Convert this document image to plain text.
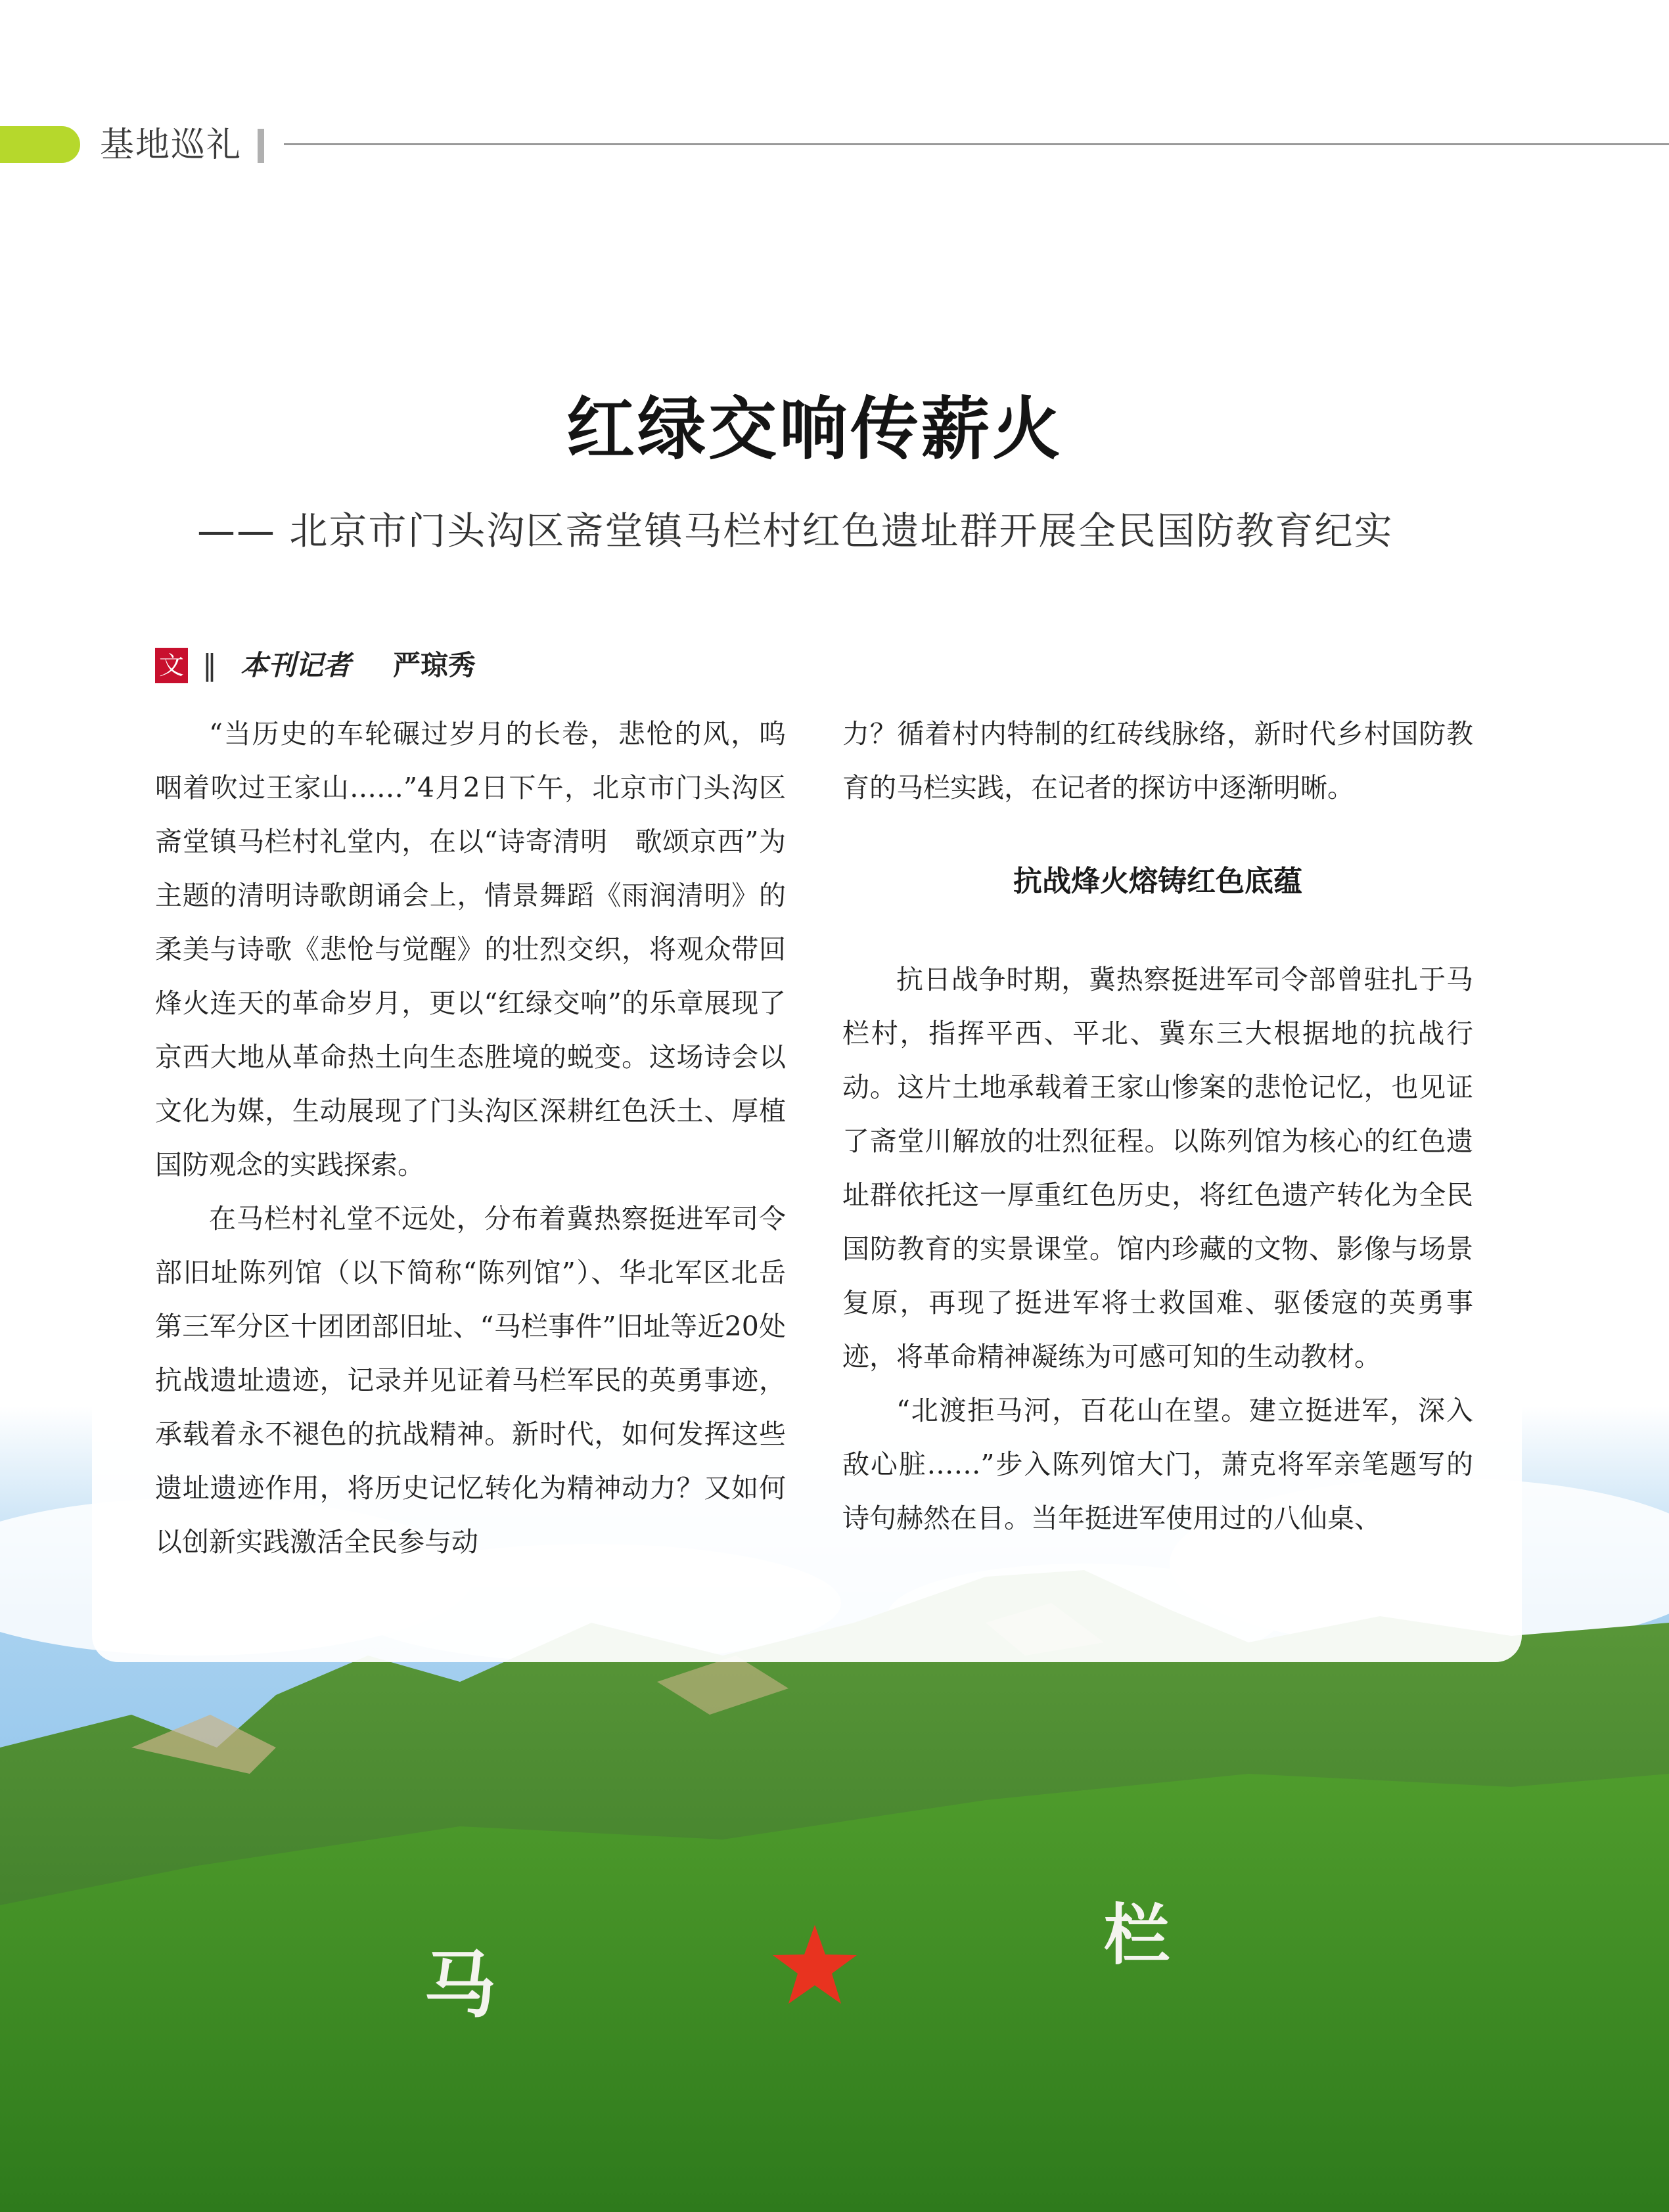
基地巡礼
马
栏
红绿交响传薪火
—— 北京市门头沟区斋堂镇马栏村红色遗址群开展全民国防教育纪实
文 ‖ 本刊记者 严琼秀

“当历史的车轮碾过岁月的长卷，悲怆的风，呜咽着吹过王家山……”4月2日下午，北京市门头沟区斋堂镇马栏村礼堂内，在以“诗寄清明　歌颂京西”为主题的清明诗歌朗诵会上，情景舞蹈《雨润清明》的柔美与诗歌《悲怆与觉醒》的壮烈交织，将观众带回烽火连天的革命岁月，更以“红绿交响”的乐章展现了京西大地从革命热土向生态胜境的蜕变。这场诗会以文化为媒，生动展现了门头沟区深耕红色沃土、厚植国防观念的实践探索。

在马栏村礼堂不远处，分布着冀热察挺进军司令部旧址陈列馆（以下简称“陈列馆”）、华北军区北岳第三军分区十团团部旧址、“马栏事件”旧址等近20处抗战遗址遗迹，记录并见证着马栏军民的英勇事迹，承载着永不褪色的抗战精神。新时代，如何发挥这些遗址遗迹作用，将历史记忆转化为精神动力？又如何以创新实践激活全民参与动

力？循着村内特制的红砖线脉络，新时代乡村国防教育的马栏实践，在记者的探访中逐渐明晰。

抗战烽火熔铸红色底蕴

抗日战争时期，冀热察挺进军司令部曾驻扎于马栏村，指挥平西、平北、冀东三大根据地的抗战行动。这片土地承载着王家山惨案的悲怆记忆，也见证了斋堂川解放的壮烈征程。以陈列馆为核心的红色遗址群依托这一厚重红色历史，将红色遗产转化为全民国防教育的实景课堂。馆内珍藏的文物、影像与场景复原，再现了挺进军将士救国难、驱倭寇的英勇事迹，将革命精神凝练为可感可知的生动教材。

“北渡拒马河，百花山在望。建立挺进军，深入敌心脏……”步入陈列馆大门，萧克将军亲笔题写的诗句赫然在目。当年挺进军使用过的八仙桌、
